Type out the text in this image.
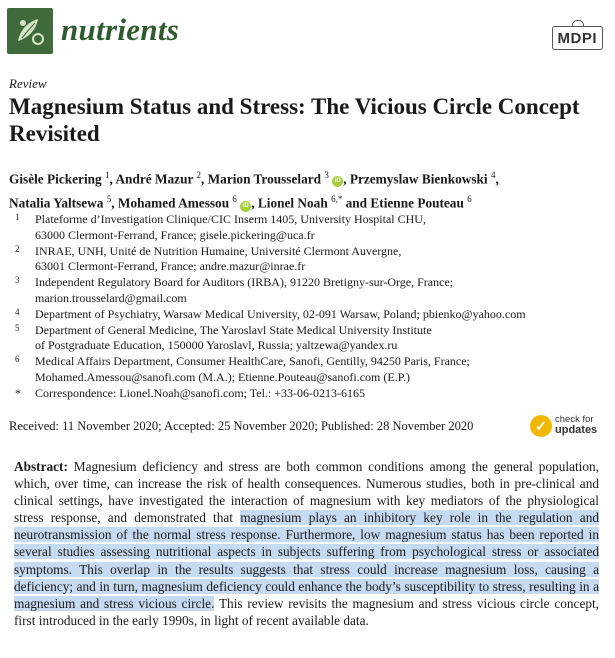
nutrients	MDPI
Review
Magnesium Status and Stress: The Vicious Circle Concept Revisited
Gisèle Pickering $^1$, André Mazur $^2$, Marion Trousselard $^3$ iD , Przemyslaw Bienkowski $^4$,
Natalia Yaltsewa $^5$, Mohamed Amessou $^6$ iD , Lionel Noah $^{6,*}$ and Etienne Pouteau $^6$
1 Plateforme d’Investigation Clinique/CIC Inserm 1405, University Hospital CHU,
63000 Clermont-Ferrand, France; gisele.pickering@uca.fr
2 INRAE, UNH, Unité de Nutrition Humaine, Université Clermont Auvergne,
63001 Clermont-Ferrand, France; andre.mazur@inrae.fr
3 Independent Regulatory Board for Auditors (IRBA), 91220 Bretigny-sur-Orge, France;
marion.trousselard@gmail.com
4 Department of Psychiatry, Warsaw Medical University, 02-091 Warsaw, Poland; pbienko@yahoo.com
5 Department of General Medicine, The Yaroslavl State Medical University Institute
of Postgraduate Education, 150000 Yaroslavl, Russia; yaltzewa@yandex.ru
6 Medical Affairs Department, Consumer HealthCare, Sanofi, Gentilly, 94250 Paris, France;
Mohamed.Amessou@sanofi.com (M.A.); Etienne.Pouteau@sanofi.com (E.P.)
* Correspondence: Lionel.Noah@sanofi.com; Tel.: +33-06-0213-6165
Received: 11 November 2020; Accepted: 25 November 2020; Published: 28 November 2020	✓ check for
updates

Abstract: Magnesium deficiency and stress are both common conditions among the general population, which, over time, can increase the risk of health consequences. Numerous studies, both in pre-clinical and clinical settings, have investigated the interaction of magnesium with key mediators of the physiological stress response, and demonstrated that magnesium plays an inhibitory key role in the regulation and neurotransmission of the normal stress response. Furthermore, low magnesium status has been reported in several studies assessing nutritional aspects in subjects suffering from psychological stress or associated symptoms. This overlap in the results suggests that stress could increase magnesium loss, causing a deficiency; and in turn, magnesium deficiency could enhance the body’s susceptibility to stress, resulting in a magnesium and stress vicious circle. This review revisits the magnesium and stress vicious circle concept, first introduced in the early 1990s, in light of recent available data.
